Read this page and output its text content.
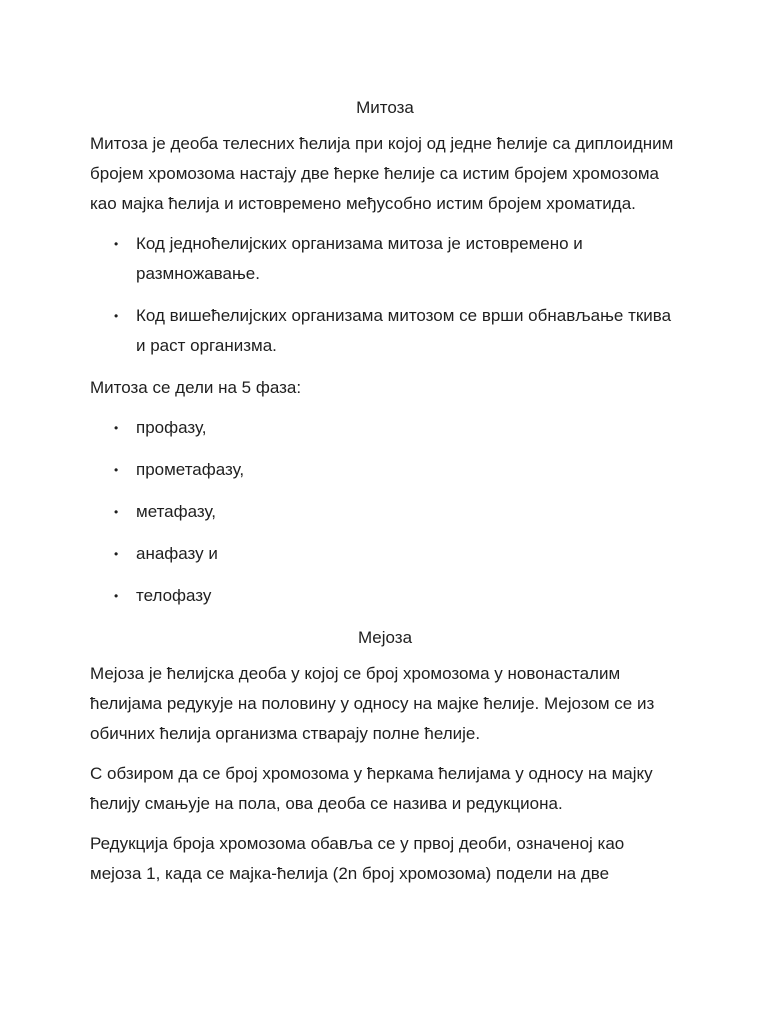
Митоза

Митоза је деоба телесних ћелија при којој од једне ћелије са диплоидним бројем хромозома настају две ћерке ћелије са истим бројем хромозома као мајка ћелија и истовремено међусобно истим бројем хроматида.

• Код једноћелијских организама митоза је истовремено и размножавање.
• Код вишећелијских организама митозом се врши обнављање ткива и раст организма.

Митоза се дели на 5 фаза:

• профазу,
• прометафазу,
• метафазу,
• анафазу и
• телофазу
Мејоза

Мејоза је ћелијска деоба у којој се број хромозома у новонасталим ћелијама редукује на половину у односу на мајке ћелије. Мејозом се из обичних ћелија организма стварају полне ћелије.

С обзиром да се број хромозома у ћеркама ћелијама у односу на мајку ћелију смањује на пола, ова деоба се назива и редукциона.

Редукција броја хромозома обавља се у првој деоби, означеној као мејоза 1, када се мајка-ћелија (2n број хромозома) подели на две
